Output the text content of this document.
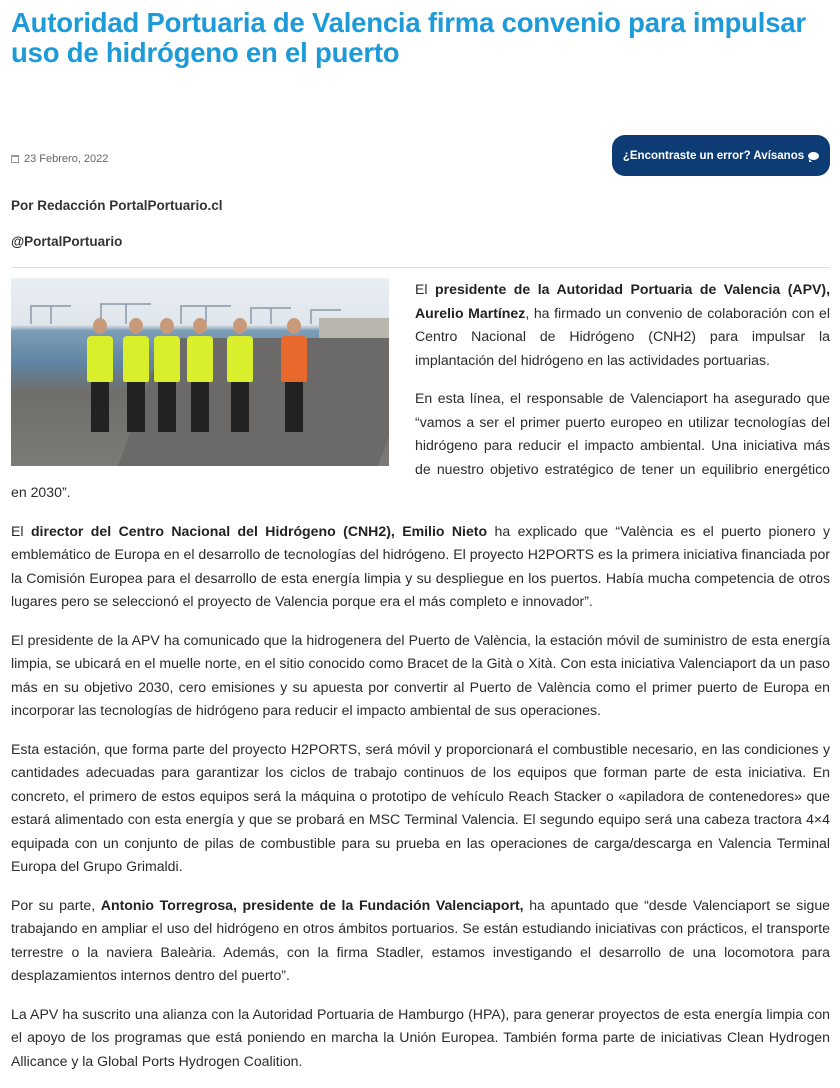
Autoridad Portuaria de Valencia firma convenio para impulsar uso de hidrógeno en el puerto
23 Febrero, 2022	¿Encontraste un error? Avísanos
Por Redacción PortalPortuario.cl
@PortalPortuario

El presidente de la Autoridad Portuaria de Valencia (APV), Aurelio Martínez, ha firmado un convenio de colaboración con el Centro Nacional de Hidrógeno (CNH2) para impulsar la implantación del hidrógeno en las actividades portuarias.

En esta línea, el responsable de Valenciaport ha asegurado que “vamos a ser el primer puerto europeo en utilizar tecnologías del hidrógeno para reducir el impacto ambiental. Una iniciativa más de nuestro objetivo estratégico de tener un equilibrio energético en 2030”.

El director del Centro Nacional del Hidrógeno (CNH2), Emilio Nieto ha explicado que “València es el puerto pionero y emblemático de Europa en el desarrollo de tecnologías del hidrógeno. El proyecto H2PORTS es la primera iniciativa financiada por la Comisión Europea para el desarrollo de esta energía limpia y su despliegue en los puertos. Había mucha competencia de otros lugares pero se seleccionó el proyecto de Valencia porque era el más completo e innovador”.

El presidente de la APV ha comunicado que la hidrogenera del Puerto de València, la estación móvil de suministro de esta energía limpia, se ubicará en el muelle norte, en el sitio conocido como Bracet de la Gità o Xità. Con esta iniciativa Valenciaport da un paso más en su objetivo 2030, cero emisiones y su apuesta por convertir al Puerto de València como el primer puerto de Europa en incorporar las tecnologías de hidrógeno para reducir el impacto ambiental de sus operaciones.

Esta estación, que forma parte del proyecto H2PORTS, será móvil y proporcionará el combustible necesario, en las condiciones y cantidades adecuadas para garantizar los ciclos de trabajo continuos de los equipos que forman parte de esta iniciativa. En concreto, el primero de estos equipos será la máquina o prototipo de vehículo Reach Stacker o «apiladora de contenedores» que estará alimentado con esta energía y que se probará en MSC Terminal Valencia. El segundo equipo será una cabeza tractora 4×4 equipada con un conjunto de pilas de combustible para su prueba en las operaciones de carga/descarga en Valencia Terminal Europa del Grupo Grimaldi.

Por su parte, Antonio Torregrosa, presidente de la Fundación Valenciaport, ha apuntado que “desde Valenciaport se sigue trabajando en ampliar el uso del hidrógeno en otros ámbitos portuarios. Se están estudiando iniciativas con prácticos, el transporte terrestre o la naviera Baleària. Además, con la firma Stadler, estamos investigando el desarrollo de una locomotora para desplazamientos internos dentro del puerto”.

La APV ha suscrito una alianza con la Autoridad Portuaria de Hamburgo (HPA), para generar proyectos de esta energía limpia con el apoyo de los programas que está poniendo en marcha la Unión Europea. También forma parte de iniciativas Clean Hydrogen Allicance y la Global Ports Hydrogen Coalition.
